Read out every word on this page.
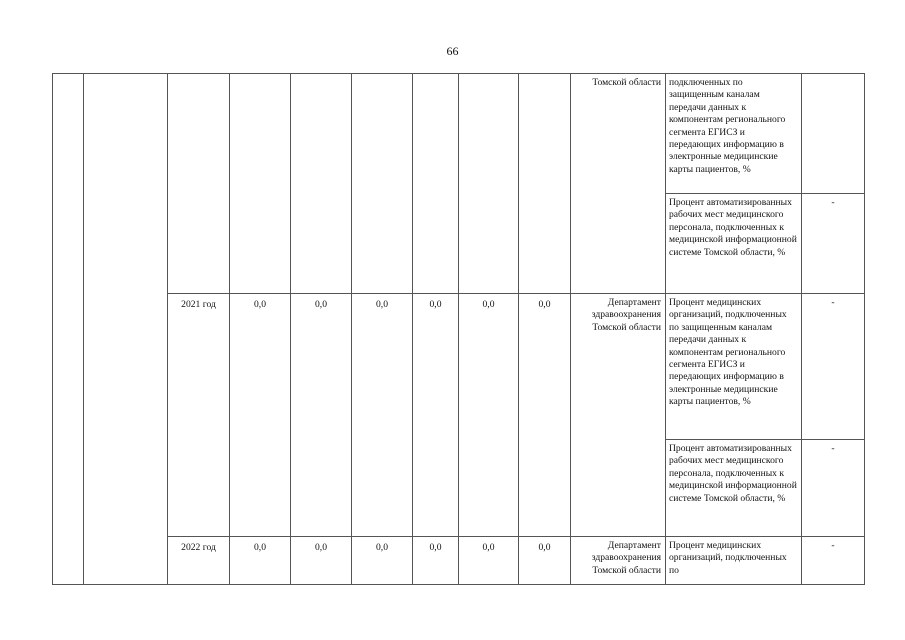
66
									Томской области	подключенных по защищенным каналам передачи данных к компонентам регионального сегмента ЕГИСЗ и передающих информацию в электронные медицинские карты пациентов, %	
										Процент автоматизированных рабочих мест медицинского персонала, подключенных к медицинской информационной системе Томской области, %	-
		2021 год	0,0	0,0	0,0	0,0	0,0	0,0	Департамент здравоохранения Томской области	Процент медицинских организаций, подключенных по защищенным каналам передачи данных к компонентам регионального сегмента ЕГИСЗ и передающих информацию в электронные медицинские карты пациентов, %	-
										Процент автоматизированных рабочих мест медицинского персонала, подключенных к медицинской информационной системе Томской области, %	-
		2022 год	0,0	0,0	0,0	0,0	0,0	0,0	Департамент здравоохранения Томской области	Процент медицинских организаций, подключенных по	-
